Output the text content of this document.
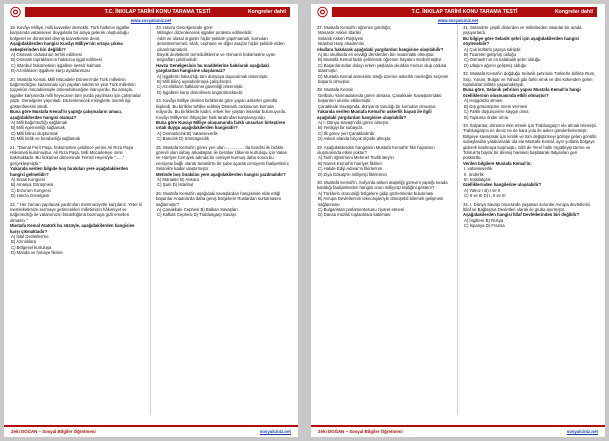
T.C. İNKILAP TARİHİ KONU TARAMA TESTİ	Kongreler dahil
www.sosyalciniz.net

19. Kuvâyı Milliye, milli kuvvetler demektir. Türk halkının işgaller karşısında vatansever duygularla bir araya gelerek oluşturduğu bölgesel ve dönemsel direniş kuvvetlerine denir.

Aşağıdakilerden hangisi Kuvâyı Milliye'nin ortaya çıkma sebeplerinden biri değildir?

A) Osmanlı ordusunun terhis edilmesi

B) Osmanlı topraklarının haksızca işgal edilmesi

C) İstanbul hükümetinin işgallere sessiz kalması

D) Azınlıkların işgallere karşı ayaklanması

20. Mustafa Kemal, Milli Mücadele Dönemi'nde Türk milletinin bağımsızlığını kazanması için yapılan saldırının yine Türk milletinin topyekûn mücadelesiyle önlenebileceğine inanıyordu. Bu amaçla, işgaller karşısında milli heyecanın tüm yurda yayılması için çalışmalar yaptı. Genelgeler yayınladı. Düzenlenecek mitinglerle önemli ilgi gösterilmesini istedi.

Buna göre Mustafa Kemal'in yaptığı çalışmaların amacı, aşağıdakilerden hangisi olamaz?

A) Milli bağımsızlığı sağlamak

B) Milli egemenliği sağlamak

C) Milli bilinci oluşturmak

D) Milli birlik ve beraberliği sağlamak

21. "Damat Ferit Paşa, hükümetten çekilince yerine Ali Rıza Paşa Hükümeti kurulmuştur. Ali Rıza Paşa, Milli Mücadeleye ılımlı bakmaktadır. Bu hükümet döneminde Temsil Heyeti'yle "......" gerçekleşmiştir."

Yukarıda verilen bilgide boş bırakılan yere aşağıdakilerden hangisi gelmelidir?

A) Sivas Kongresi

B) Amasya Görüşmesi

C) Erzurum Kongresi

D) Havza Genelgesi

22. " Her zaman yapılacak yardımları memnuniyetle karşılarız. Yeter ki memleketimize sermaye getirecekleri milletimizin hâkimiyet ve bağımsızlığı ile vatanımızın bütünlüğünü bozmaya gizli emelleri olmasın."

Mustafa Kemal Atatürk bu sözüyle, aşağıdakilerden hangisine karşı çıkmaktadır?

A) İtilaf Devletleri'ne

B) Azınlıklara

C) Bölgesel kurtuluşa

D) Manda ve himaye fikrine

23. Havza Genelgesinde göre:

Mitingler düzenlenerek işgaller protesto edilmelidir.

Adet ve ulusal örgütler hiçbir şekilde yapılmamalı, komutan denetlenmemeli, silah, cephane ve diğer araçlar hiçbir şekilde elden çıkarılmamalıdır.

Büyük devletlerin temsilciliklerine ve Osmanlı hükümetine uyarı telgrafları çekilmelidir.

Havza Genelgesinin bu maddelerine bakılarak aşağıdaki yargılardan hangisine ulaşılamaz?

A) İşgallerin haksızlığı tüm dünyaya duyurulmak istenmiştir.

B) Milli bilinç uyandırılmaya çalışılmıştır.

C) Azınlıkların halklarının güvenliği istenmiştir.

D) İşgallere karşı direnilmesi öngörülmektedir.

24. Kuvâyı Milliye denilen birliklerde göre yapan askerler gönüllü kişilerdi. Bu birlikler tehlike edilmiş Osmanlı ordusunun komuta ediyordu. Bu birliklerde kadın, erkek her yaştan insanlar bulunuyordu. Kuvâyı Milliye'nin ihtiyaçları halk tarafından karşılanıyordu.

Buna göre Kuvayı Milliye oluşumunda farklı unsurları birleştiren ortak duygu aşağıdakilerden hangisidir?

A) Osmanlıcılık B) Vatanseverlik

C) Batıcılık D) Sömürgecilik

25. Mustafa Kemal'in görev yeri olan ............... 'da kendisi ile birlikte görevli olan subay arkadaşları ile beraber Ülkenin kurtuluşu için Vatan ve Hürriyet Cemiyeti adında bir cemiyet kurmuş daha sonra bu cemiyete bağlı olarak Selanik'te bir şube açarak cemiyetin faaliyetlerini Selanik'e kadar ulaştırmıştır.

Metinde boş bırakılan yere aşağıdakilerden hangisi yazılmalıdır?

A) Manastır B) Ankara

C) Şam D) İstanbul

26. Mustafa Kemal'in aşağıdaki savaşlardan hangisinde elde ettiği başarılar Anadolu'da daha geniş bölgelerin Ruslardan kurtulmasını sağlamıştır?

A) Çanakkale Cephesi B) Balkan Savaşları

C) Kafkas Cephesi D) Trablusgarp Savaşı

Zeki DOĞAN – Sosyal Bilgiler Öğretmeni	sosyalciniz.net
T.C. İNKILAP TARİHİ KONU TARAMA TESTİ	Kongreler dahil
www.sosyalciniz.net

27. Mustafa Kemal'in öğrenim gördüğü;

Manastır Askeri İdadisi

Selanik Askeri Rüştiyesi

İstanbul Harp Akademisi

okullara bakılarak aşağıdaki yargılardan hangisine ulaşılabilir?

A) Bu okullarda en sevdiği derslerden biri matematik olmuştur.

B) Mustafa Kemal farklı şehirlerde öğrenim hayatını sürdürmüştür.

C) Başarılarından dolayı erken yaşlarda okuldan mezun olup ordusa atanmıştır.

D) Mustafa Kemal annesinin isteği üzerine askerlik mesleğini seçerek başarılı olmuştur.

28. Mustafa Kemal;

Gelibolu Yarımadasında görev almasa, Çanakkale Savaşlarındaki başarının olumlu etkilemiştir.

Çanakkale Savaşında, dünyanın tanıdığı bir komutan olmuştur.

Yukarıda verilen Mustafa Kemal'in askerlik hayatı ile ilgili aşağıdaki yargılardan hangisine ulaşılabilir?

A) I. Dünya Savaşı'nda görev almıştır.

B) Yenilgiyi bir subaydır.

C) İlk görev yeri Çanakkale'dir.

D) Askeri alanda birçok ölçüde almıştır.

29. Aşağıdakilerden hangisinin Mustafa Kemal'in fikir hayatının oluşmasında etkisi yoktur?

A) Tarih öğretmeni Mehmet Tevfik Bey'in

B) Namık Kemal'in hürriyet fikirleri

C) Halide Edip Adıvar'ın fikirlerinin

D) Ziya Gökalp'in milliyetçi fikirlerinin

30. Mustafa Kemal'in, Sofya'da askeri ataşeliği görevini yaptığı sırada katıldığı faaliyetlerden hangisi onun milliyetçi kişiliğini gösterir?

A) Türklerin otonomiği bölgelere gidip gözlemlerde bulunması

B) Avrupa Devletlerinin teknolojileriyle dönüşebil bilemek gelişmesi sağlanması

C) Bulgaristan parlamentosunu ziyaret etmesi

D) Dansa müzikli toplantılara katılması

31. Selanik'te çeşitli dinlerden ve milletlerden insanlar bir arada yaşıyorlardı.

Bu bilgiye göre Selanik şehri için aşağıdakilerden hangisi söylenebilir?

A) Çok kültürlü yapıya sahiptir.

B) Ticaretin gelişmiş olduğu

C) Osmanlı'nın en kalabalık şehri olduğu

D) Ulaşım ağının gelişmiş olduğu

32. Mustafa Kemal'in doğduğu Selanik şehrinde Türklerle birlikte Rum, Sırp, Yunan, Bulgar ve Yahudi gibi farklı etnik ve dini kökenden gelen topluluklar birlikte yaşamaktaydı.

Buna göre, Selanik şehrinin yapısı Mustafa Kemal'in hangi özelliklerinin oluşmasında etkili olmuştur?

A) Hoşgörülü olması

B) Dış görünüşüne önem vermesi

C) Farklı düşüncelere saygılı olma

D) Topluma önder olma

33. İtalyanlar, dönüme ekle etmek için Trablusgarp'ı ele almak istemişti. Trablusgarp'a ne deniz ne de kara yolu ile asker gönderilememişti. Bölgeye savaşmak için kimlik ve tüm değiştirmeyi görüşe gelen gönüllü subaylardan yatakamalar ola ele Mustafa Kemal, aynı yollarla bölgeye giderek katılmaya koşmuştu. Gitti de Yerel halkı örgütleyip Derne ve Tobruk'ta büyük bir direniş hareketi başlatarak İtalyanları geri püskürttü.

Verilen bilgilere Mustafa Kemal'in;

I. vatanseverlik

II. önderlik

III. teşkilatçılık

özelliklerinden hangilerine ulaşılabilir?

A) Yalnız I B) I ve II

C) II ve III D) I, II ve III

34. I. Dünya Savaşı öncesinde yaşanan sorunlar Avrupa devletlerini İtilaf ve Bağlaşma Devletleri olarak iki gruba ayırmıştır.

Aşağıdakilerden hangisi İtilaf Devletlerinden biri değildir?

A) İngiltere B) Rusya

C) İspanya D) Fransa

Zeki DOĞAN – Sosyal Bilgiler Öğretmeni	sosyalciniz.net
